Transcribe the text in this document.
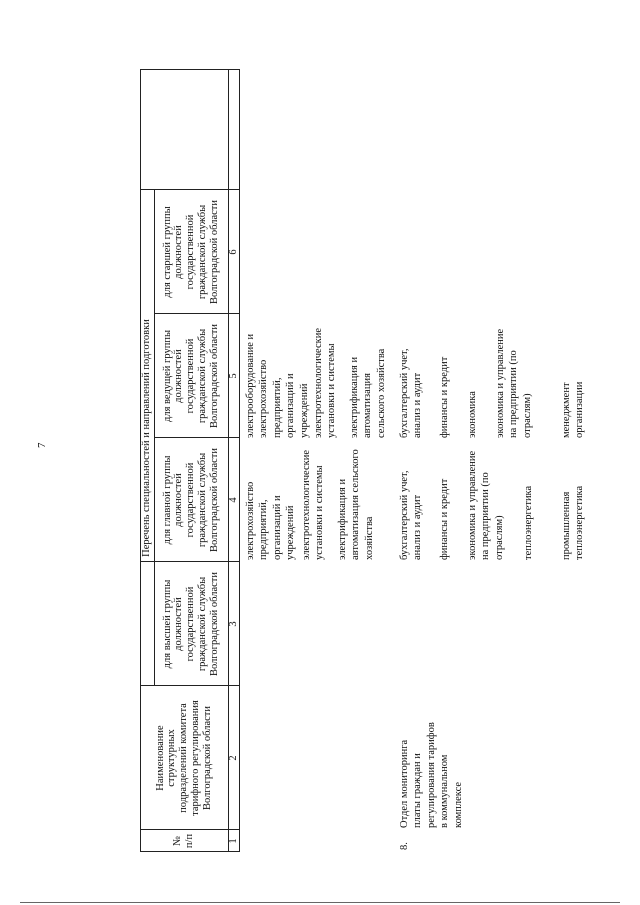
7
№
п/п
Наименование
структурных
подразделений комитета
тарифного регулирования
Волгоградской области
Перечень специальностей и направлений подготовки
для высшей группы
должностей
государственной
гражданской службы
Волгоградской области
для главной группы
должностей
государственной
гражданской службы
Волгоградской области
для ведущей группы
должностей
государственной
гражданской службы
Волгоградской области
для старшей группы
должностей
государственной
гражданской службы
Волгоградской области
1
2
3
4
5
6
электрохозяйство
предприятий,
организаций и
учреждений электротехнологические
установки и системы
электрификация и
автоматизация сельского
хозяйства
электрооборудование и
электрохозяйство
предприятий,
организаций и
учреждений электротехнологические
установки и системы
электрификация и
автоматизация
сельского хозяйства
8.
Отдел мониторинга
платы граждан и
регулирования тарифов
в коммунальном
комплексе
бухгалтерский учет,
анализ и аудит финансы и кредит экономика и управление
на предприятии (по
отраслям) теплоэнергетика	промышленная
теплоэнергетика
бухгалтерский учет,
анализ и аудит финансы и кредит экономика экономика и управление
на предприятии (по
отраслям)	менеджмент
организации
